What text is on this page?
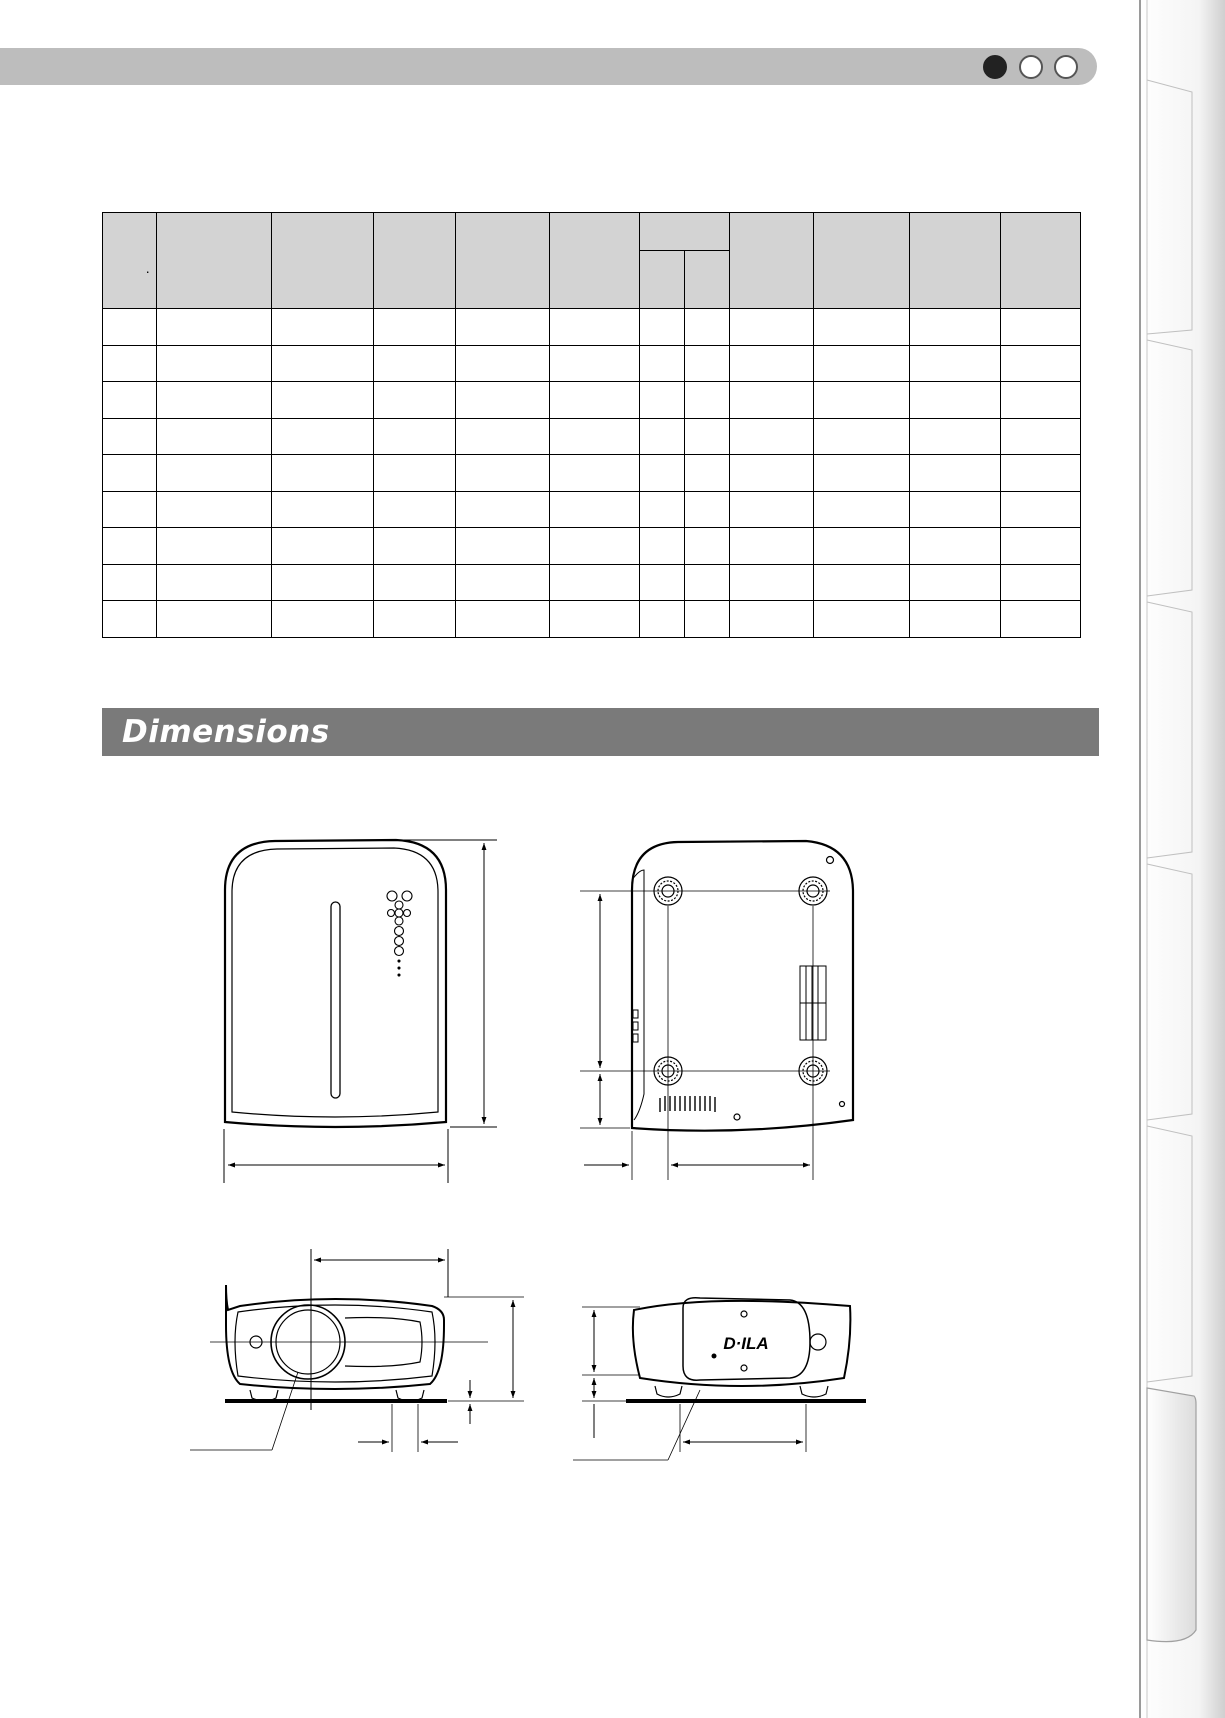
·											

Dimensions
D·ILA
